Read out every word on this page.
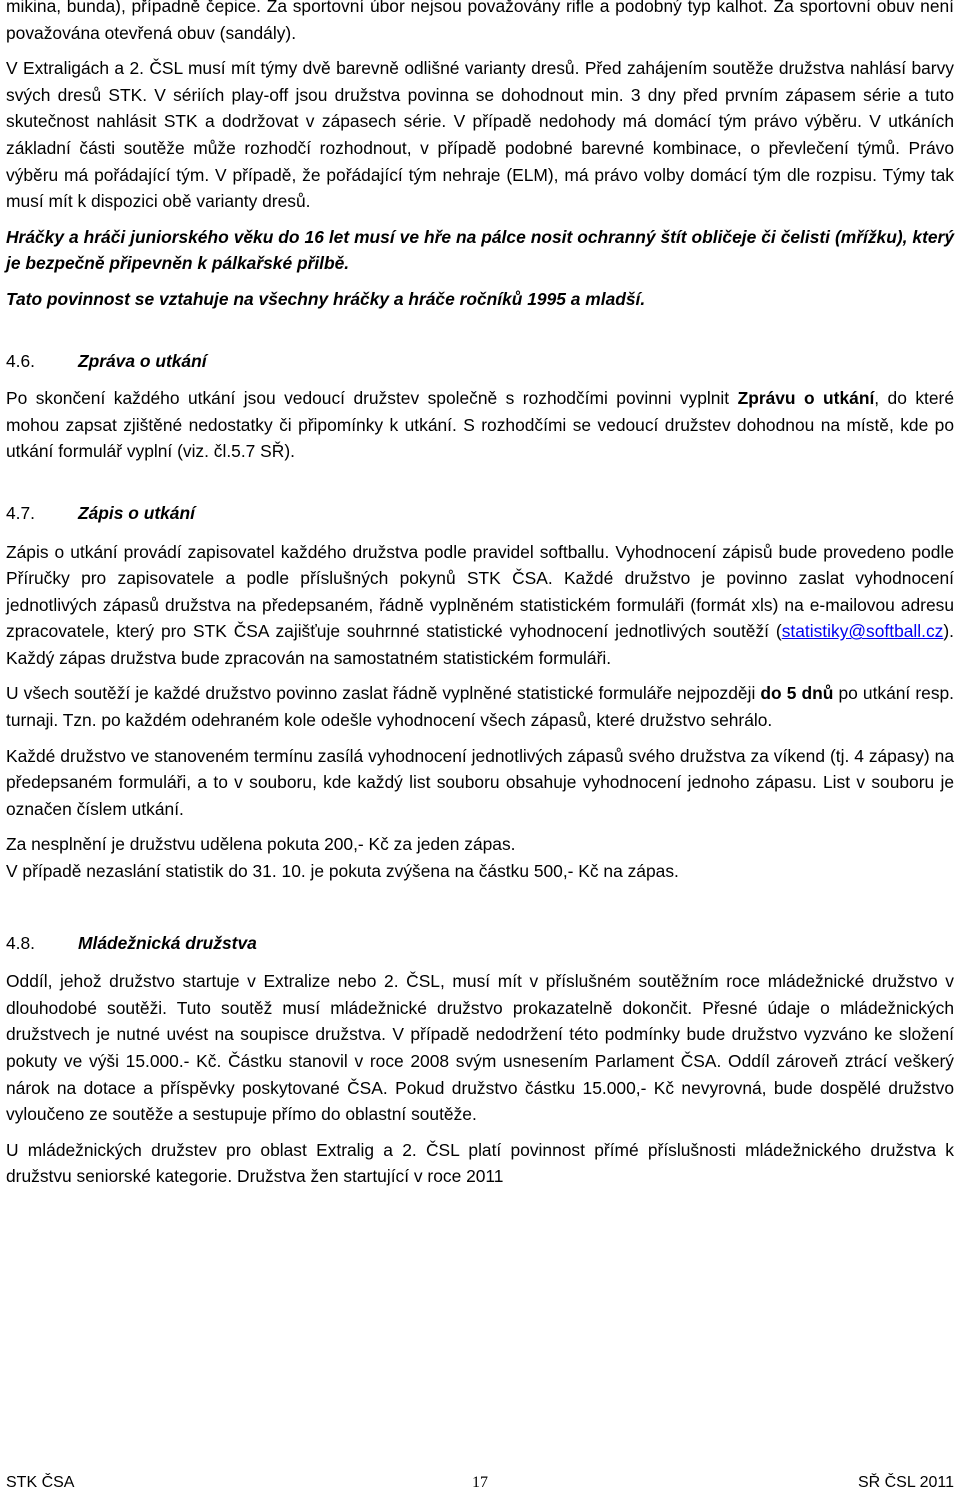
mikina, bunda), případně čepice. Za sportovní úbor nejsou považovány rifle a podobný typ kalhot. Za sportovní obuv není považována otevřená obuv (sandály).

V Extraligách a 2. ČSL musí mít týmy dvě barevně odlišné varianty dresů. Před zahájením soutěže družstva nahlásí barvy svých dresů STK. V sériích play-off jsou družstva povinna se dohodnout min. 3 dny před prvním zápasem série a tuto skutečnost nahlásit STK a dodržovat v zápasech série. V případě nedohody má domácí tým právo výběru. V utkáních základní části soutěže může rozhodčí rozhodnout, v případě podobné barevné kombinace, o převlečení týmů. Právo výběru má pořádající tým. V případě, že pořádající tým nehraje (ELM), má právo volby domácí tým dle rozpisu. Týmy tak musí mít k dispozici obě varianty dresů.

Hráčky a hráči juniorského věku do 16 let musí ve hře na pálce nosit ochranný štít obličeje či čelisti (mřížku), který je bezpečně připevněn k pálkařské přilbě.

Tato povinnost se vztahuje na všechny hráčky a hráče ročníků 1995 a mladší.

4.6.	Zpráva o utkání

Po skončení každého utkání jsou vedoucí družstev společně s rozhodčími povinni vyplnit Zprávu o utkání, do které mohou zapsat zjištěné nedostatky či připomínky k utkání. S rozhodčími se vedoucí družstev dohodnou na místě, kde po utkání formulář vyplní (viz. čl.5.7 SŘ).

4.7.	Zápis o utkání

Zápis o utkání provádí zapisovatel každého družstva podle pravidel softballu. Vyhodnocení zápisů bude provedeno podle Příručky pro zapisovatele a podle příslušných pokynů STK ČSA. Každé družstvo je povinno zaslat vyhodnocení jednotlivých zápasů družstva na předepsaném, řádně vyplněném statistickém formuláři (formát xls) na e-mailovou adresu zpracovatele, který pro STK ČSA zajišťuje souhrnné statistické vyhodnocení jednotlivých soutěží (statistiky@softball.cz). Každý zápas družstva bude zpracován na samostatném statistickém formuláři.

U všech soutěží je každé družstvo povinno zaslat řádně vyplněné statistické formuláře nejpozději do 5 dnů po utkání resp. turnaji. Tzn. po každém odehraném kole odešle vyhodnocení všech zápasů, které družstvo sehrálo.

Každé družstvo ve stanoveném termínu zasílá vyhodnocení jednotlivých zápasů svého družstva za víkend (tj. 4 zápasy) na předepsaném formuláři, a to v souboru, kde každý list souboru obsahuje vyhodnocení jednoho zápasu. List v souboru je označen číslem utkání.

Za nesplnění je družstvu udělena pokuta 200,- Kč za jeden zápas.
V případě nezaslání statistik do 31. 10. je pokuta zvýšena na částku 500,- Kč na zápas.

4.8.	Mládežnická družstva

Oddíl, jehož družstvo startuje v Extralize nebo 2. ČSL, musí mít v příslušném soutěžním roce mládežnické družstvo v dlouhodobé soutěži. Tuto soutěž musí mládežnické družstvo prokazatelně dokončit. Přesné údaje o mládežnických družstvech je nutné uvést na soupisce družstva. V případě nedodržení této podmínky bude družstvo vyzváno ke složení pokuty ve výši 15.000.- Kč. Částku stanovil v roce 2008 svým usnesením Parlament ČSA. Oddíl zároveň ztrácí veškerý nárok na dotace a příspěvky poskytované ČSA. Pokud družstvo částku 15.000,- Kč nevyrovná, bude dospělé družstvo vyloučeno ze soutěže a sestupuje přímo do oblastní soutěže.

U mládežnických družstev pro oblast Extralig a 2. ČSL platí povinnost přímé příslušnosti mládežnického družstva k družstvu seniorské kategorie. Družstva žen startující v roce 2011

STK ČSA	17	SŘ ČSL 2011
